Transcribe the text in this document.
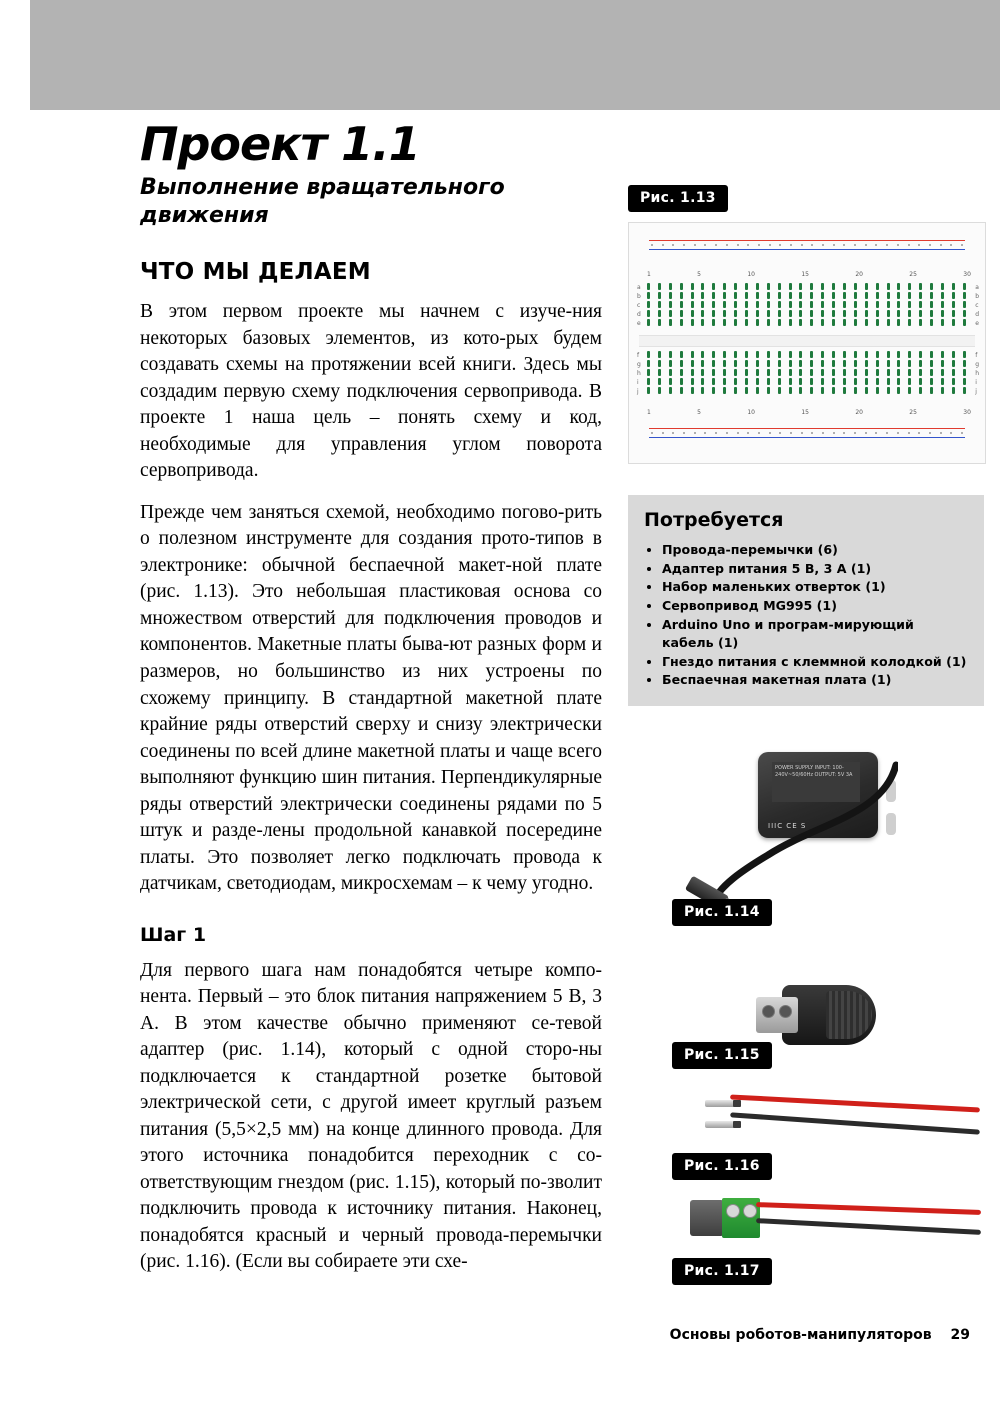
Проект 1.1
Выполнение вращательного движения
ЧТО МЫ ДЕЛАЕМ

В этом первом проекте мы начнем с изуче-ния некоторых базовых элементов, из кото-рых будем создавать схемы на протяжении всей книги. Здесь мы создадим первую схему подключения сервопривода. В проекте 1 наша цель – понять схему и код, необходимые для управления углом поворота сервопривода.

Прежде чем заняться схемой, необходимо погово-рить о полезном инструменте для создания прото-типов в электронике: обычной беспаечной макет-ной плате (рис. 1.13). Это небольшая пластиковая основа со множеством отверстий для подключения проводов и компонентов. Макетные платы быва-ют разных форм и размеров, но большинство из них устроены по схожему принципу. В стандартной макетной плате крайние ряды отверстий сверху и снизу электрически соединены по всей длине макетной платы и чаще всего выполняют функцию шин питания. Перпендикулярные ряды отверстий электрически соединены рядами по 5 штук и разде-лены продольной канавкой посередине платы. Это позволяет легко подключать провода к датчикам, светодиодам, микросхемам – к чему угодно.

Шаг 1

Для первого шага нам понадобятся четыре компо-нента. Первый – это блок питания напряжением 5 В, 3 А. В этом качестве обычно применяют се-тевой адаптер (рис. 1.14), который с одной сторо-ны подключается к стандартной розетке бытовой электрической сети, с другой имеет круглый разъем питания (5,5×2,5 мм) на конце длинного провода. Для этого источника понадобится переходник с со-ответствующим гнездом (рис. 1.15), который по-зволит подключить провода к источнику питания. Наконец, понадобятся красный и черный провода-перемычки (рис. 1.16). (Если вы собираете эти схе-

Рис. 1.13
1	5	10	15	20	25	30
a
b
c
d
e
a
b
c
d
e
f
g
h
i
j
f
g
h
i
j
1	5	10	15	20	25	30
Потребуется
• Провода-перемычки (6)
• Адаптер питания 5 В, 3 А (1)
• Набор маленьких отверток (1)
• Сервопривод MG995 (1)
• Arduino Uno и програм-мирующий кабель (1)
• Гнездо питания с клеммной колодкой (1)
• Беспаечная макетная плата (1)
POWER SUPPLY INPUT: 100-240V~50/60Hz OUTPUT: 5V 3A
IIIC CE S
Рис. 1.14
Рис. 1.15
Рис. 1.16
Рис. 1.17
Основы роботов-манипуляторов 29
